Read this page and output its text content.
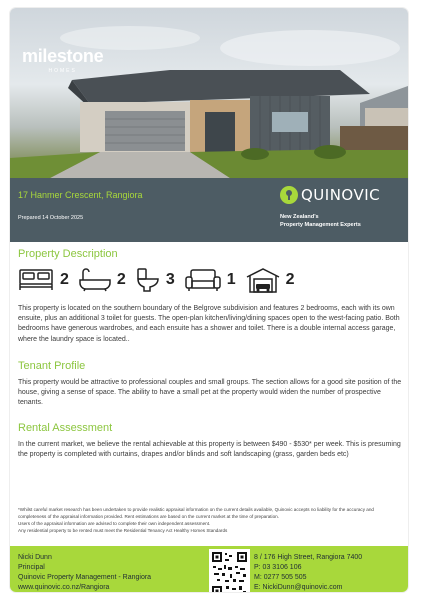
milestone
HOMES
17 Hanmer Crescent, Rangiora
Prepared 14 October 2025
QUINOVIC
New Zealand's
Property Management Experts
Property Description
2	2	3	1	2
This property is located on the southern boundary of the Belgrove subdivision and features 2 bedrooms, each with its own ensuite, plus an additional 3 toilet for guests. The open-plan kitchen/living/dining spaces open to the west-facing patio. Both bedrooms have generous wardrobes, and each ensuite has a shower and toilet. There is a double internal access garage, where the laundry space is located..
Tenant Profile
This property would be attractive to professional couples and small groups. The section allows for a good site position of the house, giving a sense of space. The ability to have a small pet at the property would widen the number of prospective tenants.
Rental Assessment
In the current market, we believe the rental achievable at this property is between $490 - $530* per week. This is presuming the property is completed with curtains, drapes and/or blinds and soft landscaping (grass, garden beds etc)
*Whilst careful market research has been undertaken to provide realistic appraisal information on the current details available, Quinovic accepts no liability for the accuracy and completeness of the appraisal information provided. Rent estimations are based on the current market at the time of preparation.
Users of the appraisal information are advised to complete their own independent assessment.
Any residential property to be rented must meet the Residential Tenancy Act Healthy Homes Standards
Nicki Dunn
Principal
Quinovic Property Management - Rangiora
www.quinovic.co.nz/Rangiora
8 / 176 High Street, Rangiora 7400
P: 03 3106 106
M: 0277 505 505
E: NickiDunn@quinovic.com
